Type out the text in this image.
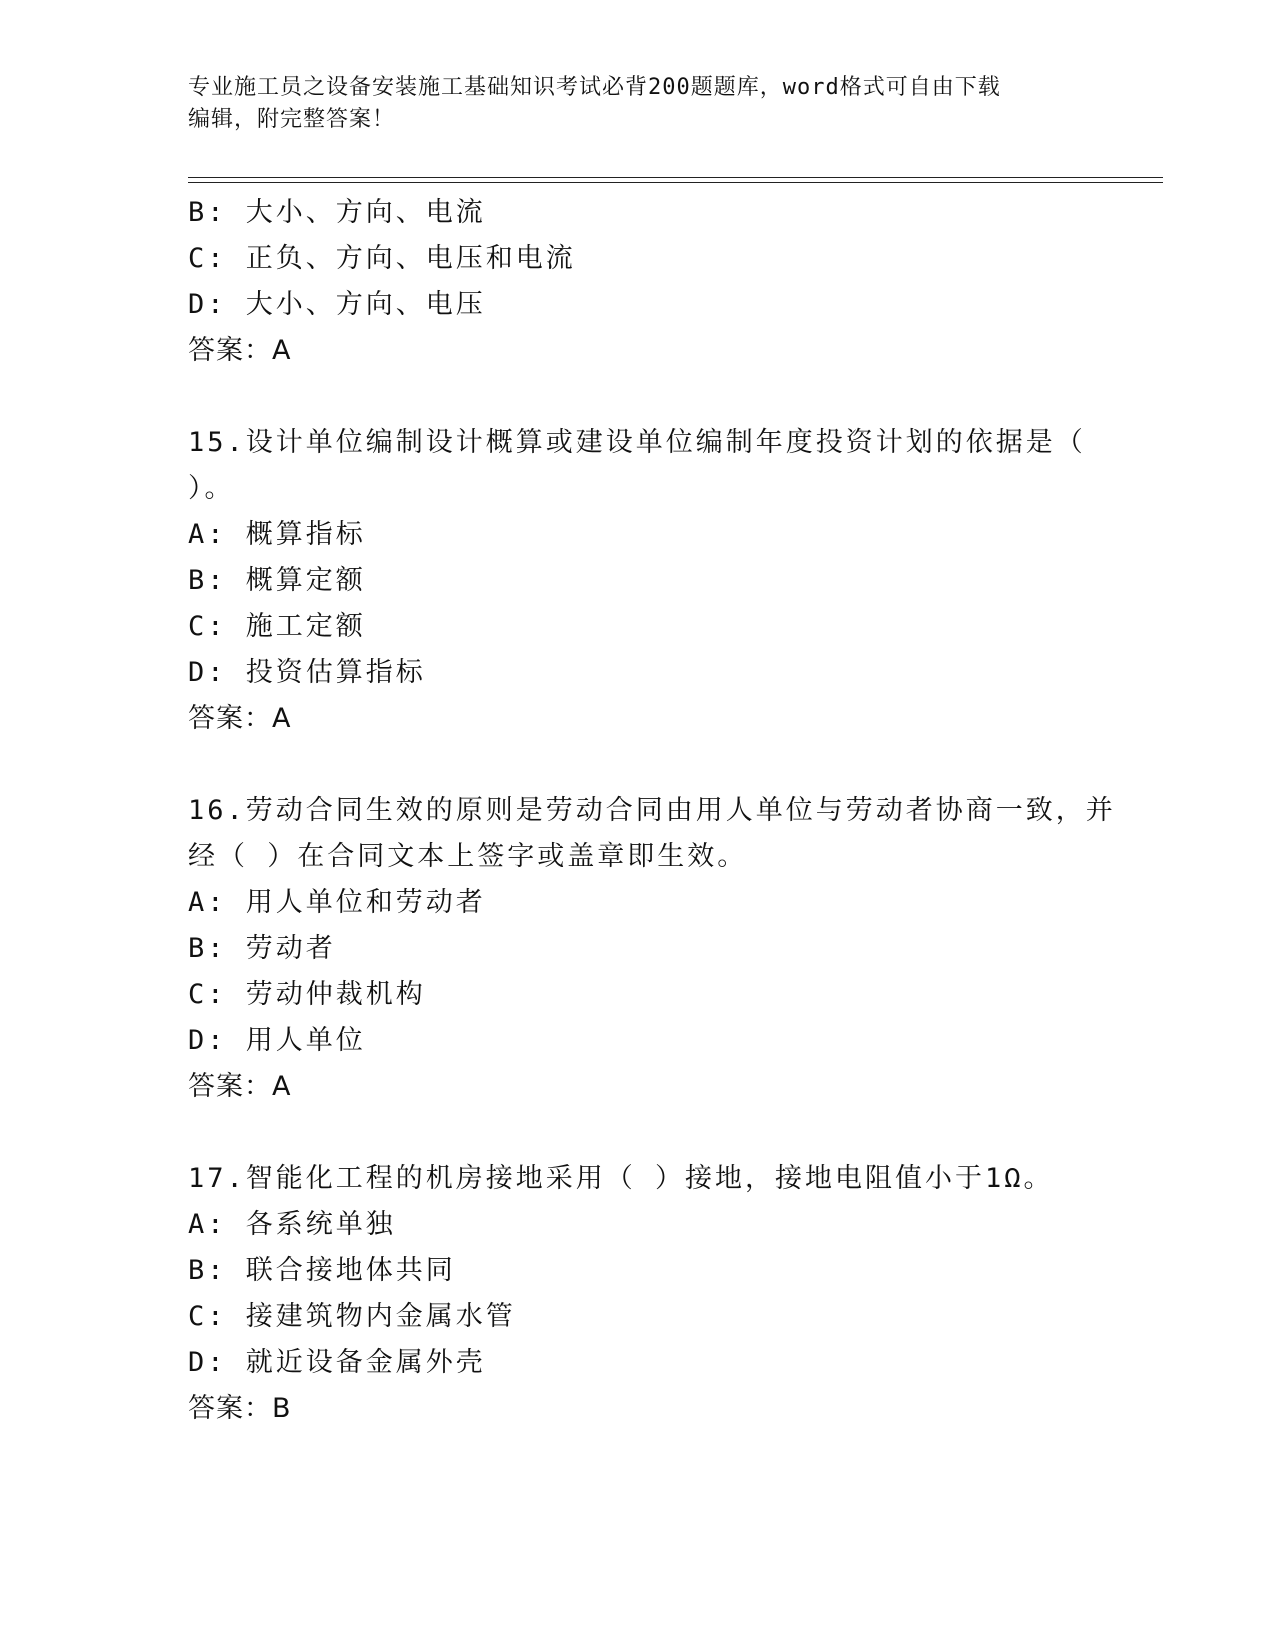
专业施工员之设备安装施工基础知识考试必背200题题库，word格式可自由下载
编辑，附完整答案！
B: 大小、方向、电流
C: 正负、方向、电压和电流
D: 大小、方向、电压
答案：A
15.设计单位编制设计概算或建设单位编制年度投资计划的依据是（
）。
A: 概算指标
B: 概算定额
C: 施工定额
D: 投资估算指标
答案：A
16.劳动合同生效的原则是劳动合同由用人单位与劳动者协商一致，并
经（ ）在合同文本上签字或盖章即生效。
A: 用人单位和劳动者
B: 劳动者
C: 劳动仲裁机构
D: 用人单位
答案：A
17.智能化工程的机房接地采用（ ）接地，接地电阻值小于1Ω。
A: 各系统单独
B: 联合接地体共同
C: 接建筑物内金属水管
D: 就近设备金属外壳
答案：B
